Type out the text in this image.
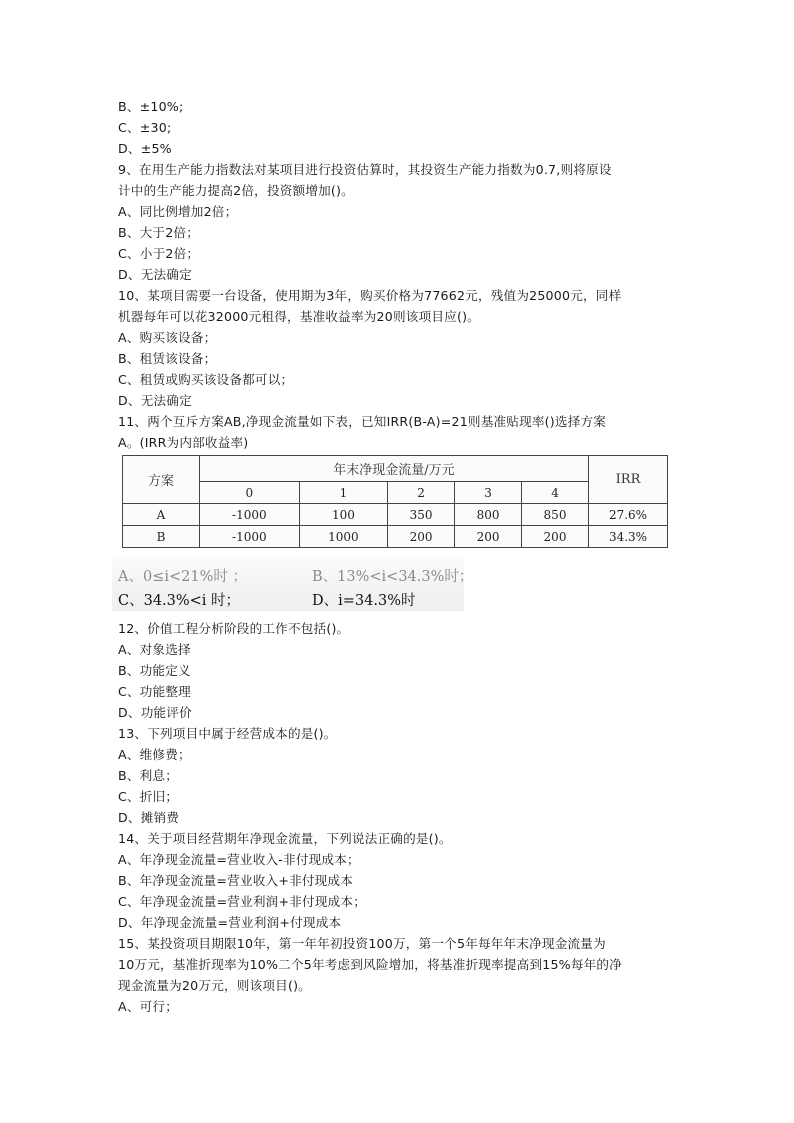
B、±10%;
C、±30;
D、±5%
9、在用生产能力指数法对某项目进行投资估算时，其投资生产能力指数为0.7,则将原设
计中的生产能力提高2倍，投资额增加()。
A、同比例增加2倍；
B、大于2倍；
C、小于2倍；
D、无法确定
10、某项目需要一台设备，使用期为3年，购买价格为77662元，残值为25000元，同样
机器每年可以花32000元租得，基准收益率为20则该项目应()。
A、购买该设备；
B、租赁该设备；
C、租赁或购买该设备都可以；
D、无法确定
11、两个互斥方案AB,净现金流量如下表，已知IRR(B-A)=21则基准贴现率()选择方案
A。(IRR为内部收益率)
方案	年末净现金流量/万元					IRR
	0	1	2	3	4	
A	-1000	100	350	800	850	27.6%
B	-1000	1000	200	200	200	34.3%
A、0≤i<21%时 ；	B、13%<i<34.3%时；
C、34.3%<i 时；	D、i=34.3%时
12、价值工程分析阶段的工作不包括()。
A、对象选择
B、功能定义
C、功能整理
D、功能评价
13、下列项目中属于经营成本的是()。
A、维修费；
B、利息；
C、折旧；
D、摊销费
14、关于项目经营期年净现金流量，下列说法正确的是()。
A、年净现金流量=营业收入-非付现成本；
B、年净现金流量=营业收入+非付现成本
C、年净现金流量=营业利润+非付现成本；
D、年净现金流量=营业利润+付现成本
15、某投资项目期限10年，第一年年初投资100万，第一个5年每年年末净现金流量为
10万元，基准折现率为10%二个5年考虑到风险增加，将基准折现率提高到15%每年的净
现金流量为20万元，则该项目()。
A、可行；
